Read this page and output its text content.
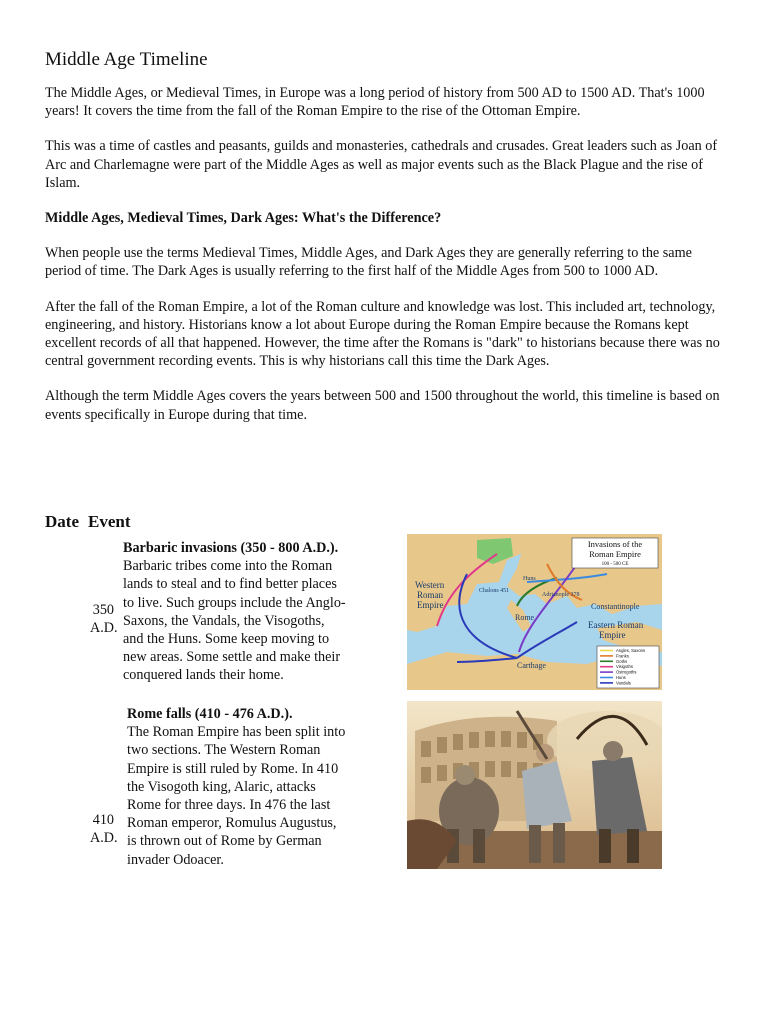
Middle Age Timeline

The Middle Ages, or Medieval Times, in Europe was a long period of history from 500 AD to 1500 AD. That's 1000 years! It covers the time from the fall of the Roman Empire to the rise of the Ottoman Empire.

This was a time of castles and peasants, guilds and monasteries, cathedrals and crusades. Great leaders such as Joan of Arc and Charlemagne were part of the Middle Ages as well as major events such as the Black Plague and the rise of Islam.

Middle Ages, Medieval Times, Dark Ages: What's the Difference?

When people use the terms Medieval Times, Middle Ages, and Dark Ages they are generally referring to the same period of time. The Dark Ages is usually referring to the first half of the Middle Ages from 500 to 1000 AD.

After the fall of the Roman Empire, a lot of the Roman culture and knowledge was lost. This included art, technology, engineering, and history. Historians know a lot about Europe during the Roman Empire because the Romans kept excellent records of all that happened. However, the time after the Romans is "dark" to historians because there was no central government recording events. This is why historians call this time the Dark Ages.

Although the term Middle Ages covers the years between 500 and 1500 throughout the world, this timeline is based on events specifically in Europe during that time.

Date Event
350
A.D.
Barbaric invasions (350 - 800 A.D.).
Barbaric tribes come into the Roman
lands to steal and to find better places
to live. Such groups include the Anglo-
Saxons, the Vandals, the Visogoths,
and the Huns. Some keep moving to
new areas. Some settle and make their
conquered lands their home.
Western Roman Empire
Eastern Roman Empire
Constantinople
Rome
Carthage
Huns
Adrianople 378
Chalons 451
Invasions of the
Roman Empire
100 - 500 CE
Angles, Saxons
Franks
Goths
Visigoths
Ostrogoths
Huns
Vandals
410
A.D.
Rome falls (410 - 476 A.D.).
The Roman Empire has been split into
two sections. The Western Roman
Empire is still ruled by Rome. In 410
the Visogoth king, Alaric, attacks
Rome for three days. In 476 the last
Roman emperor, Romulus Augustus,
is thrown out of Rome by German
invader Odoacer.
